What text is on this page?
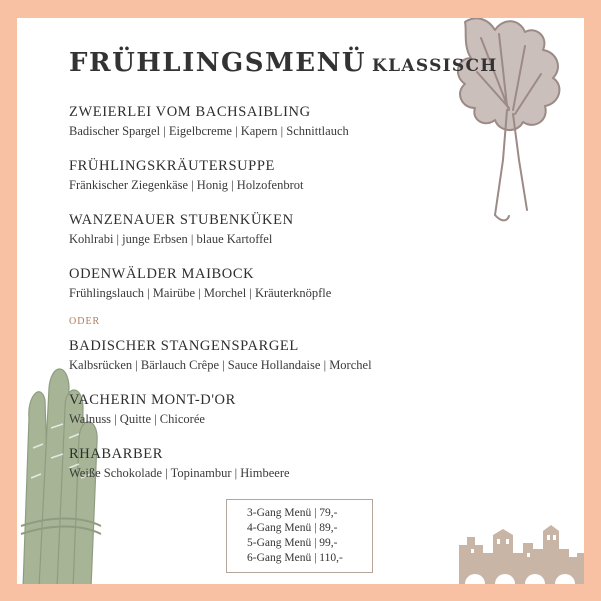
FRÜHLINGSMENÜ KLASSISCH
ZWEIERLEI VOM BACHSAIBLING
Badischer Spargel | Eigelbcreme | Kapern | Schnittlauch
FRÜHLINGSKRÄUTERSUPPE
Fränkischer Ziegenkäse | Honig | Holzofenbrot
WANZENAUER STUBENKÜKEN
Kohlrabi | junge Erbsen | blaue Kartoffel
ODENWÄLDER MAIBOCK
Frühlingslauch | Mairübe | Morchel | Kräuterknöpfle
ODER
BADISCHER STANGENSPARGEL
Kalbsrücken | Bärlauch Crêpe | Sauce Hollandaise | Morchel
VACHERIN MONT-D'OR
Walnuss | Quitte | Chicorée
RHABARBER
Weiße Schokolade | Topinambur | Himbeere
3-Gang Menü | 79,-
4-Gang Menü | 89,-
5-Gang Menü | 99,-
6-Gang Menü | 110,-
